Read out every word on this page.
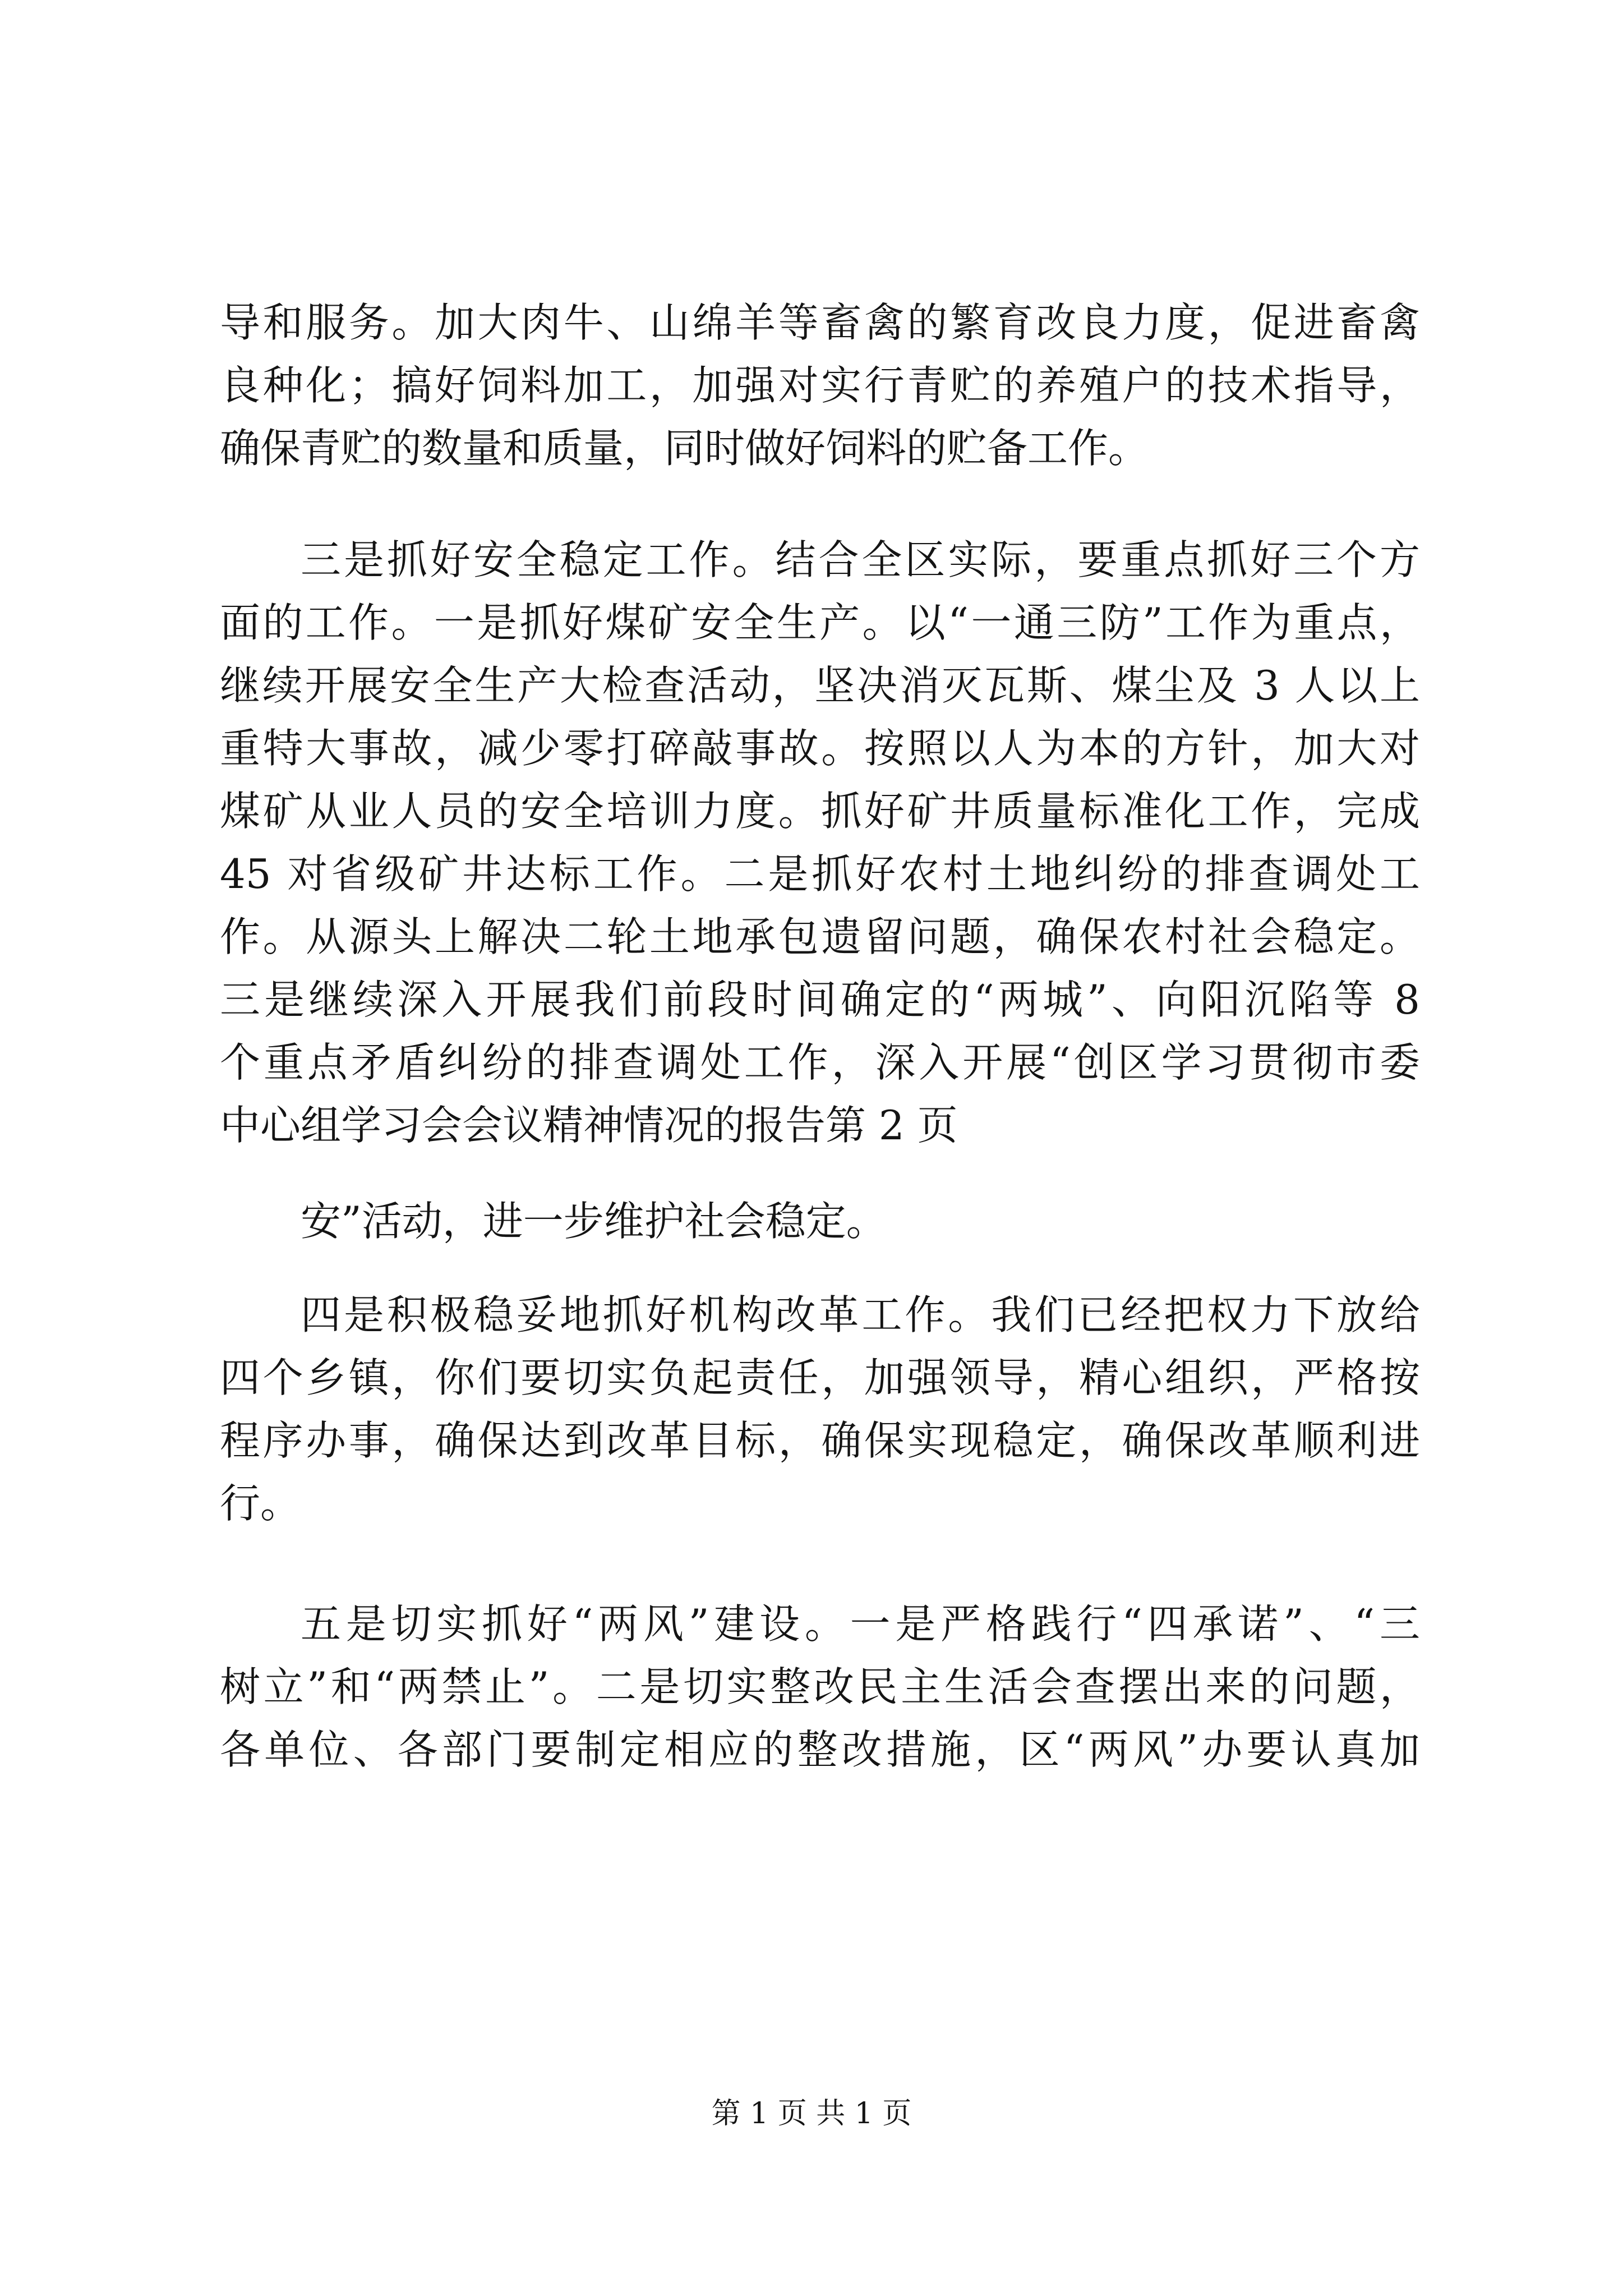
导和服务。加大肉牛、山绵羊等畜禽的繁育改良力度，促进畜禽
良种化；搞好饲料加工，加强对实行青贮的养殖户的技术指导，
确保青贮的数量和质量，同时做好饲料的贮备工作。
三是抓好安全稳定工作。结合全区实际，要重点抓好三个方
面的工作。一是抓好煤矿安全生产。以“一通三防”工作为重点，
继续开展安全生产大检查活动，坚决消灭瓦斯、煤尘及 3 人以上
重特大事故，减少零打碎敲事故。按照以人为本的方针，加大对
煤矿从业人员的安全培训力度。抓好矿井质量标准化工作，完成
45 对省级矿井达标工作。二是抓好农村土地纠纷的排查调处工
作。从源头上解决二轮土地承包遗留问题，确保农村社会稳定。
三是继续深入开展我们前段时间确定的“两城”、向阳沉陷等 8
个重点矛盾纠纷的排查调处工作，深入开展“创区学习贯彻市委
中心组学习会会议精神情况的报告第 2 页
安”活动，进一步维护社会稳定。
四是积极稳妥地抓好机构改革工作。我们已经把权力下放给
四个乡镇，你们要切实负起责任，加强领导，精心组织，严格按
程序办事，确保达到改革目标，确保实现稳定，确保改革顺利进
行。
五是切实抓好“两风”建设。一是严格践行“四承诺”、“三
树立”和“两禁止”。二是切实整改民主生活会查摆出来的问题，
各单位、各部门要制定相应的整改措施，区“两风”办要认真加
第 1 页 共 1 页
